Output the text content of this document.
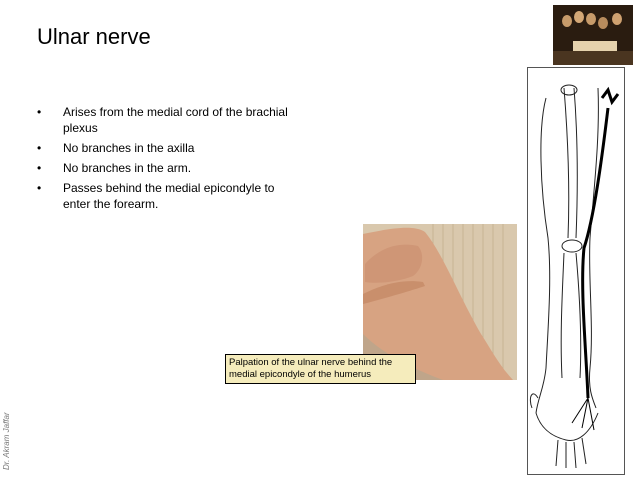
Ulnar nerve
• Arises from the medial cord of the brachial plexus
• No branches in the axilla
• No branches in the arm.
• Passes behind the medial epicondyle to enter the forearm.
Palpation of the ulnar nerve behind the medial epicondyle of the humerus
Dr. Akram Jaffar
